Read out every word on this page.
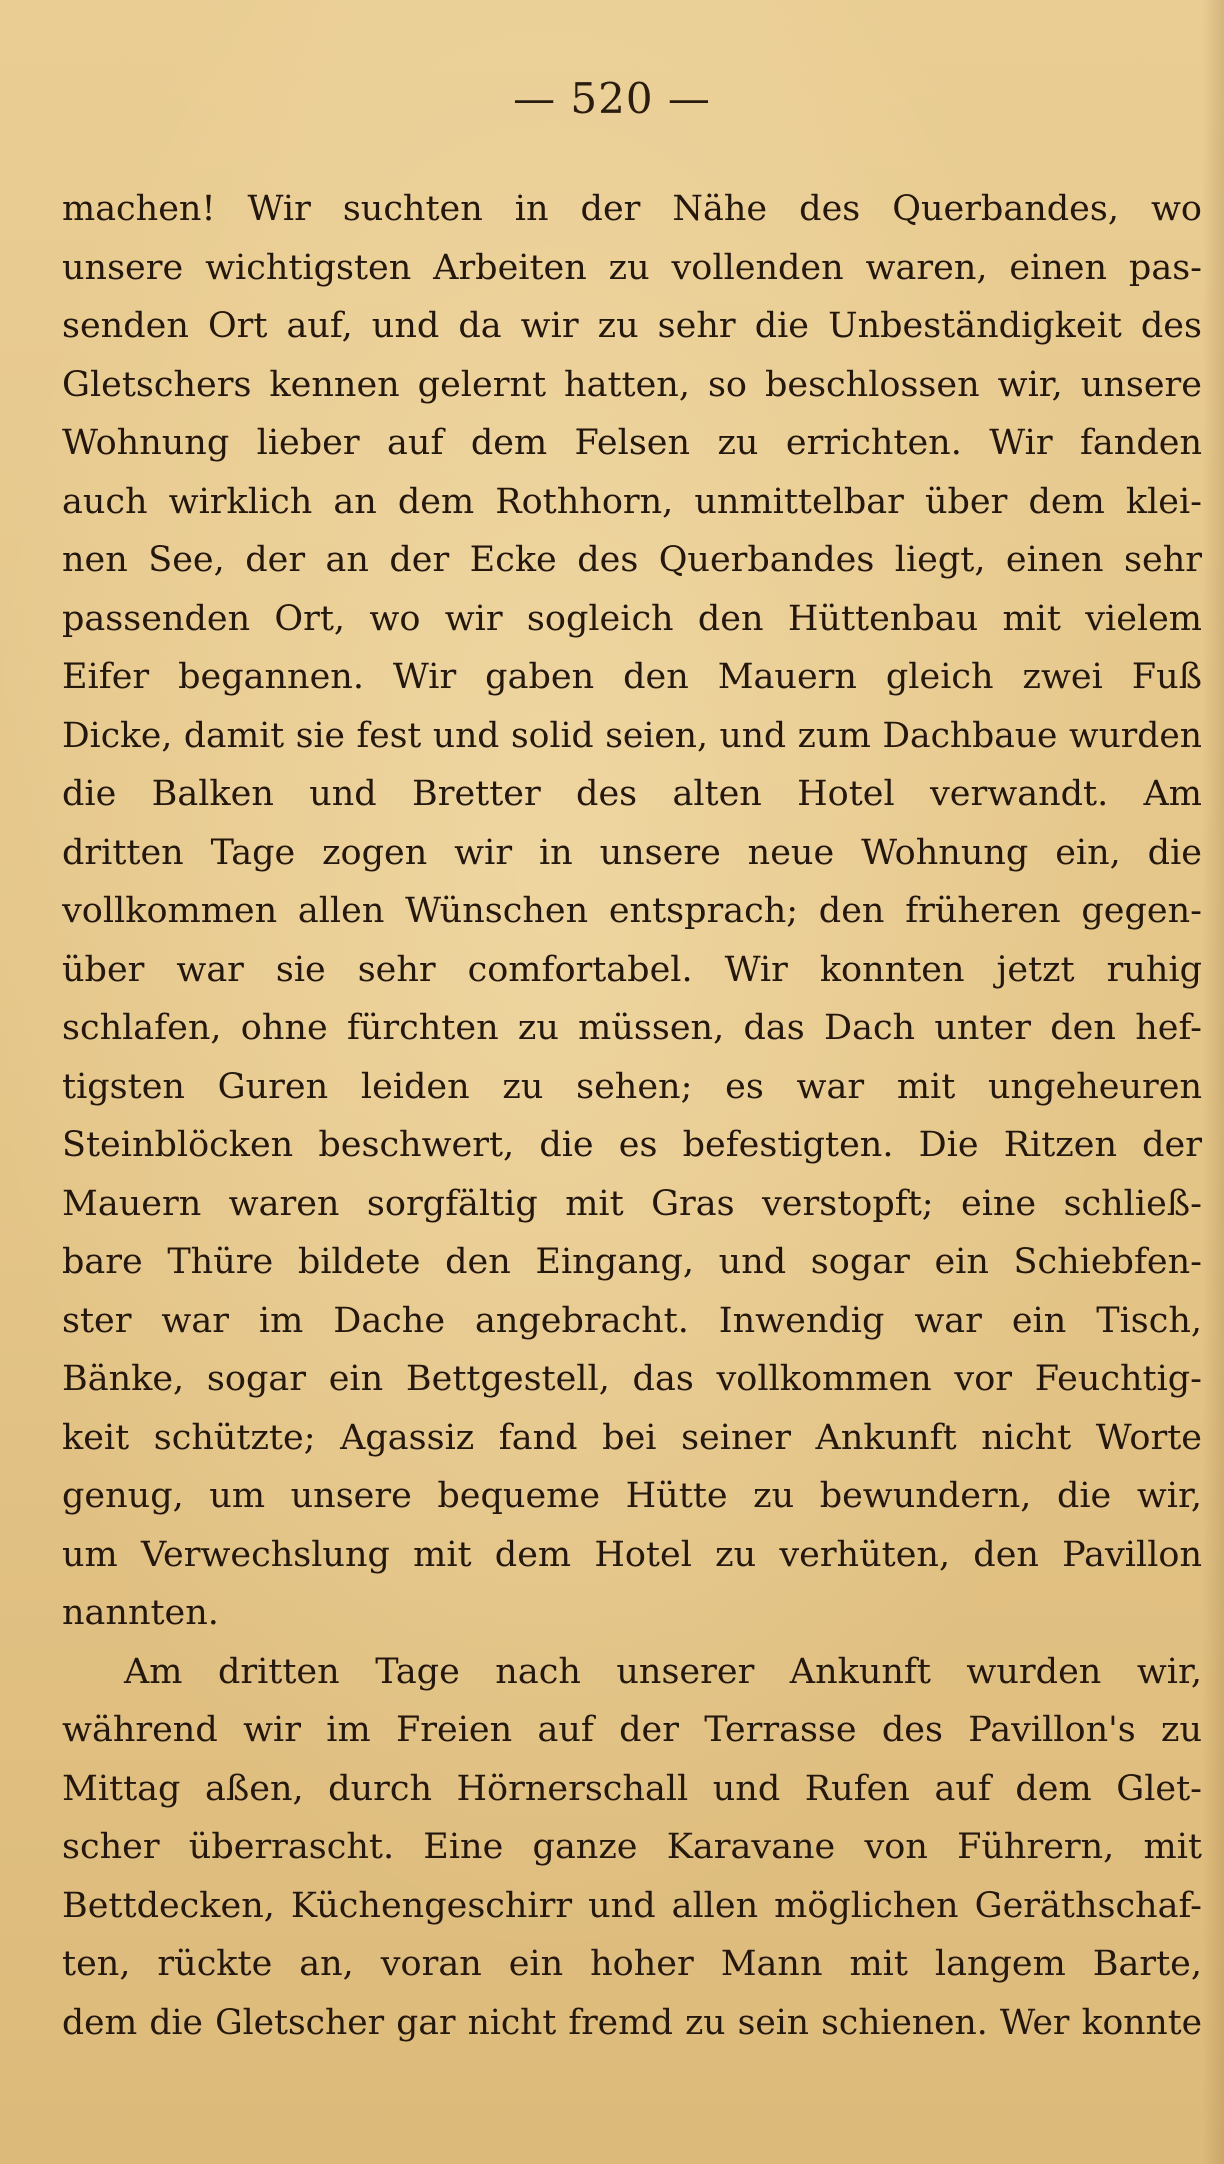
— 520 —
machen! Wir suchten in der Nähe des Querbandes, wo
unsere wichtigsten Arbeiten zu vollenden waren, einen pas-
senden Ort auf, und da wir zu sehr die Unbeständigkeit des
Gletschers kennen gelernt hatten, so beschlossen wir, unsere
Wohnung lieber auf dem Felsen zu errichten. Wir fanden
auch wirklich an dem Rothhorn, unmittelbar über dem klei-
nen See, der an der Ecke des Querbandes liegt, einen sehr
passenden Ort, wo wir sogleich den Hüttenbau mit vielem
Eifer begannen. Wir gaben den Mauern gleich zwei Fuß
Dicke, damit sie fest und solid seien, und zum Dachbaue wurden
die Balken und Bretter des alten Hotel verwandt. Am
dritten Tage zogen wir in unsere neue Wohnung ein, die
vollkommen allen Wünschen entsprach; den früheren gegen-
über war sie sehr comfortabel. Wir konnten jetzt ruhig
schlafen, ohne fürchten zu müssen, das Dach unter den hef-
tigsten Guren leiden zu sehen; es war mit ungeheuren
Steinblöcken beschwert, die es befestigten. Die Ritzen der
Mauern waren sorgfältig mit Gras verstopft; eine schließ-
bare Thüre bildete den Eingang, und sogar ein Schiebfen-
ster war im Dache angebracht. Inwendig war ein Tisch,
Bänke, sogar ein Bettgestell, das vollkommen vor Feuchtig-
keit schützte; Agassiz fand bei seiner Ankunft nicht Worte
genug, um unsere bequeme Hütte zu bewundern, die wir,
um Verwechslung mit dem Hotel zu verhüten, den Pavillon
nannten.
Am dritten Tage nach unserer Ankunft wurden wir,
während wir im Freien auf der Terrasse des Pavillon's zu
Mittag aßen, durch Hörnerschall und Rufen auf dem Glet-
scher überrascht. Eine ganze Karavane von Führern, mit
Bettdecken, Küchengeschirr und allen möglichen Geräthschaf-
ten, rückte an, voran ein hoher Mann mit langem Barte,
dem die Gletscher gar nicht fremd zu sein schienen. Wer konnte
